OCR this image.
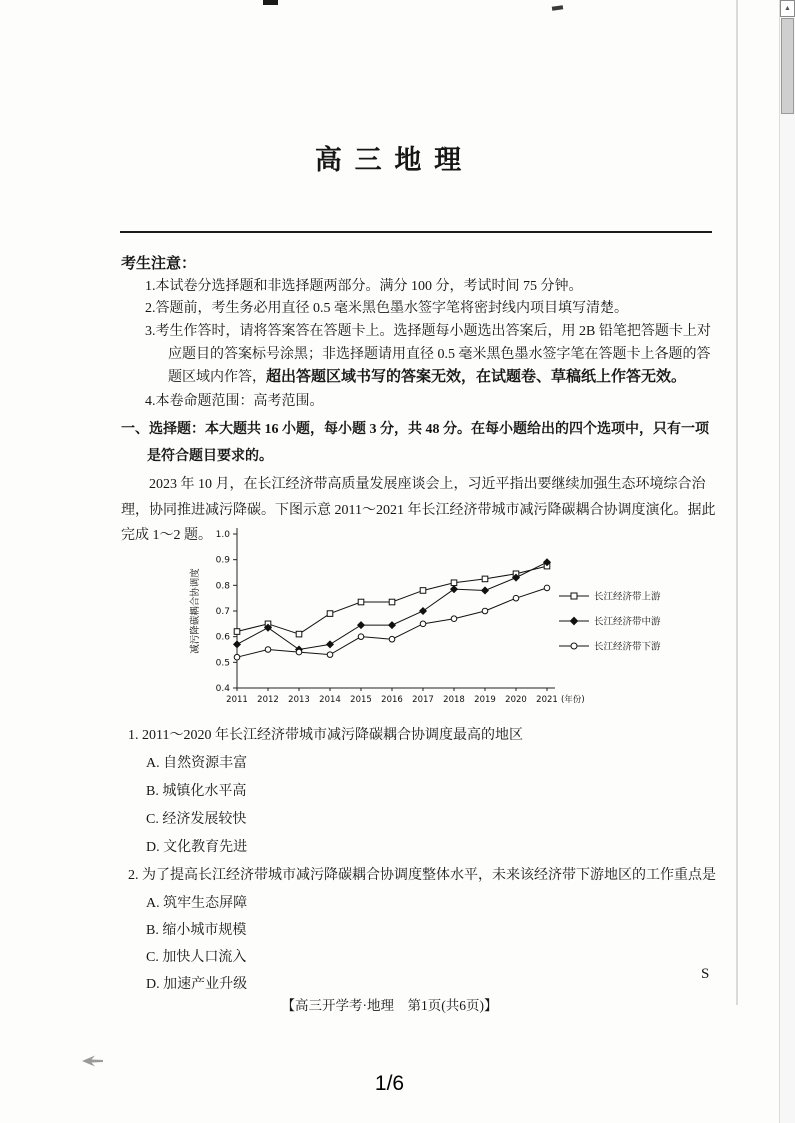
高 三 地 理
考生注意：
1.本试卷分选择题和非选择题两部分。满分 100 分，考试时间 75 分钟。
2.答题前，考生务必用直径 0.5 毫米黑色墨水签字笔将密封线内项目填写清楚。
3.考生作答时，请将答案答在答题卡上。选择题每小题选出答案后，用 2B 铅笔把答题卡上对应题目的答案标号涂黑；非选择题请用直径 0.5 毫米黑色墨水签字笔在答题卡上各题的答题区域内作答，超出答题区域书写的答案无效，在试题卷、草稿纸上作答无效。
4.本卷命题范围：高考范围。
一、选择题：本大题共 16 小题，每小题 3 分，共 48 分。在每小题给出的四个选项中，只有一项是符合题目要求的。
2023 年 10 月，在长江经济带高质量发展座谈会上，习近平指出要继续加强生态环境综合治理，协同推进减污降碳。下图示意 2011～2021 年长江经济带城市减污降碳耦合协调度演化。据此完成 1～2 题。
0.4
0.5
0.6
0.7
0.8
0.9
1.0
2011 2012 2013 2014 2015 2016 2017 2018 2019 2020 2021 (年份)
减污降碳耦合协调度	长江经济带上游
长江经济带中游
长江经济带下游
1. 2011～2020 年长江经济带城市减污降碳耦合协调度最高的地区
A. 自然资源丰富
B. 城镇化水平高
C. 经济发展较快
D. 文化教育先进
2. 为了提高长江经济带城市减污降碳耦合协调度整体水平，未来该经济带下游地区的工作重点是
A. 筑牢生态屏障
B. 缩小城市规模
C. 加快人口流入
D. 加速产业升级
S
【高三开学考·地理　第1页(共6页)】
1/6
▲
